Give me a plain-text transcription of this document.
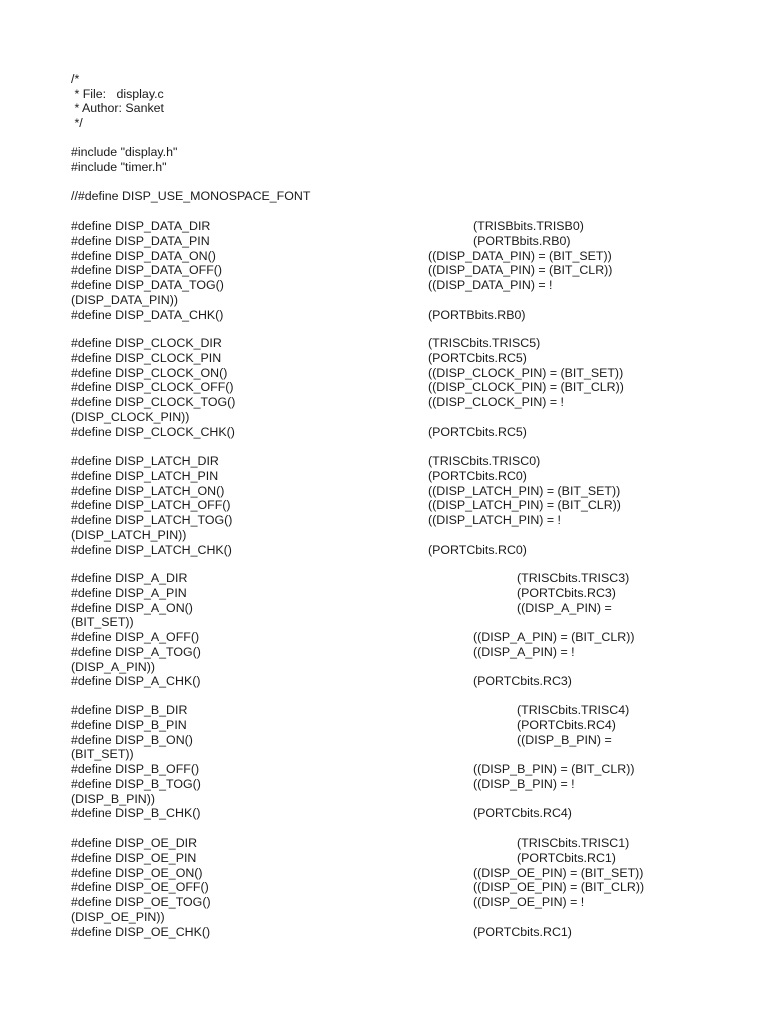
/*
* File:   display.c
* Author: Sanket
*/
#include "display.h"
#include "timer.h"
//#define DISP_USE_MONOSPACE_FONT
#define DISP_DATA_DIR	(TRISBbits.TRISB0)
#define DISP_DATA_PIN	(PORTBbits.RB0)
#define DISP_DATA_ON()	((DISP_DATA_PIN) = (BIT_SET))
#define DISP_DATA_OFF()	((DISP_DATA_PIN) = (BIT_CLR))
#define DISP_DATA_TOG()	((DISP_DATA_PIN) = !
(DISP_DATA_PIN))
#define DISP_DATA_CHK()	(PORTBbits.RB0)
#define DISP_CLOCK_DIR	(TRISCbits.TRISC5)
#define DISP_CLOCK_PIN	(PORTCbits.RC5)
#define DISP_CLOCK_ON()	((DISP_CLOCK_PIN) = (BIT_SET))
#define DISP_CLOCK_OFF()	((DISP_CLOCK_PIN) = (BIT_CLR))
#define DISP_CLOCK_TOG()	((DISP_CLOCK_PIN) = !
(DISP_CLOCK_PIN))
#define DISP_CLOCK_CHK()	(PORTCbits.RC5)
#define DISP_LATCH_DIR	(TRISCbits.TRISC0)
#define DISP_LATCH_PIN	(PORTCbits.RC0)
#define DISP_LATCH_ON()	((DISP_LATCH_PIN) = (BIT_SET))
#define DISP_LATCH_OFF()	((DISP_LATCH_PIN) = (BIT_CLR))
#define DISP_LATCH_TOG()	((DISP_LATCH_PIN) = !
(DISP_LATCH_PIN))
#define DISP_LATCH_CHK()	(PORTCbits.RC0)
#define DISP_A_DIR	(TRISCbits.TRISC3)
#define DISP_A_PIN	(PORTCbits.RC3)
#define DISP_A_ON()	((DISP_A_PIN) =
(BIT_SET))
#define DISP_A_OFF()	((DISP_A_PIN) = (BIT_CLR))
#define DISP_A_TOG()	((DISP_A_PIN) = !
(DISP_A_PIN))
#define DISP_A_CHK()	(PORTCbits.RC3)
#define DISP_B_DIR	(TRISCbits.TRISC4)
#define DISP_B_PIN	(PORTCbits.RC4)
#define DISP_B_ON()	((DISP_B_PIN) =
(BIT_SET))
#define DISP_B_OFF()	((DISP_B_PIN) = (BIT_CLR))
#define DISP_B_TOG()	((DISP_B_PIN) = !
(DISP_B_PIN))
#define DISP_B_CHK()	(PORTCbits.RC4)
#define DISP_OE_DIR	(TRISCbits.TRISC1)
#define DISP_OE_PIN	(PORTCbits.RC1)
#define DISP_OE_ON()	((DISP_OE_PIN) = (BIT_SET))
#define DISP_OE_OFF()	((DISP_OE_PIN) = (BIT_CLR))
#define DISP_OE_TOG()	((DISP_OE_PIN) = !
(DISP_OE_PIN))
#define DISP_OE_CHK()	(PORTCbits.RC1)
